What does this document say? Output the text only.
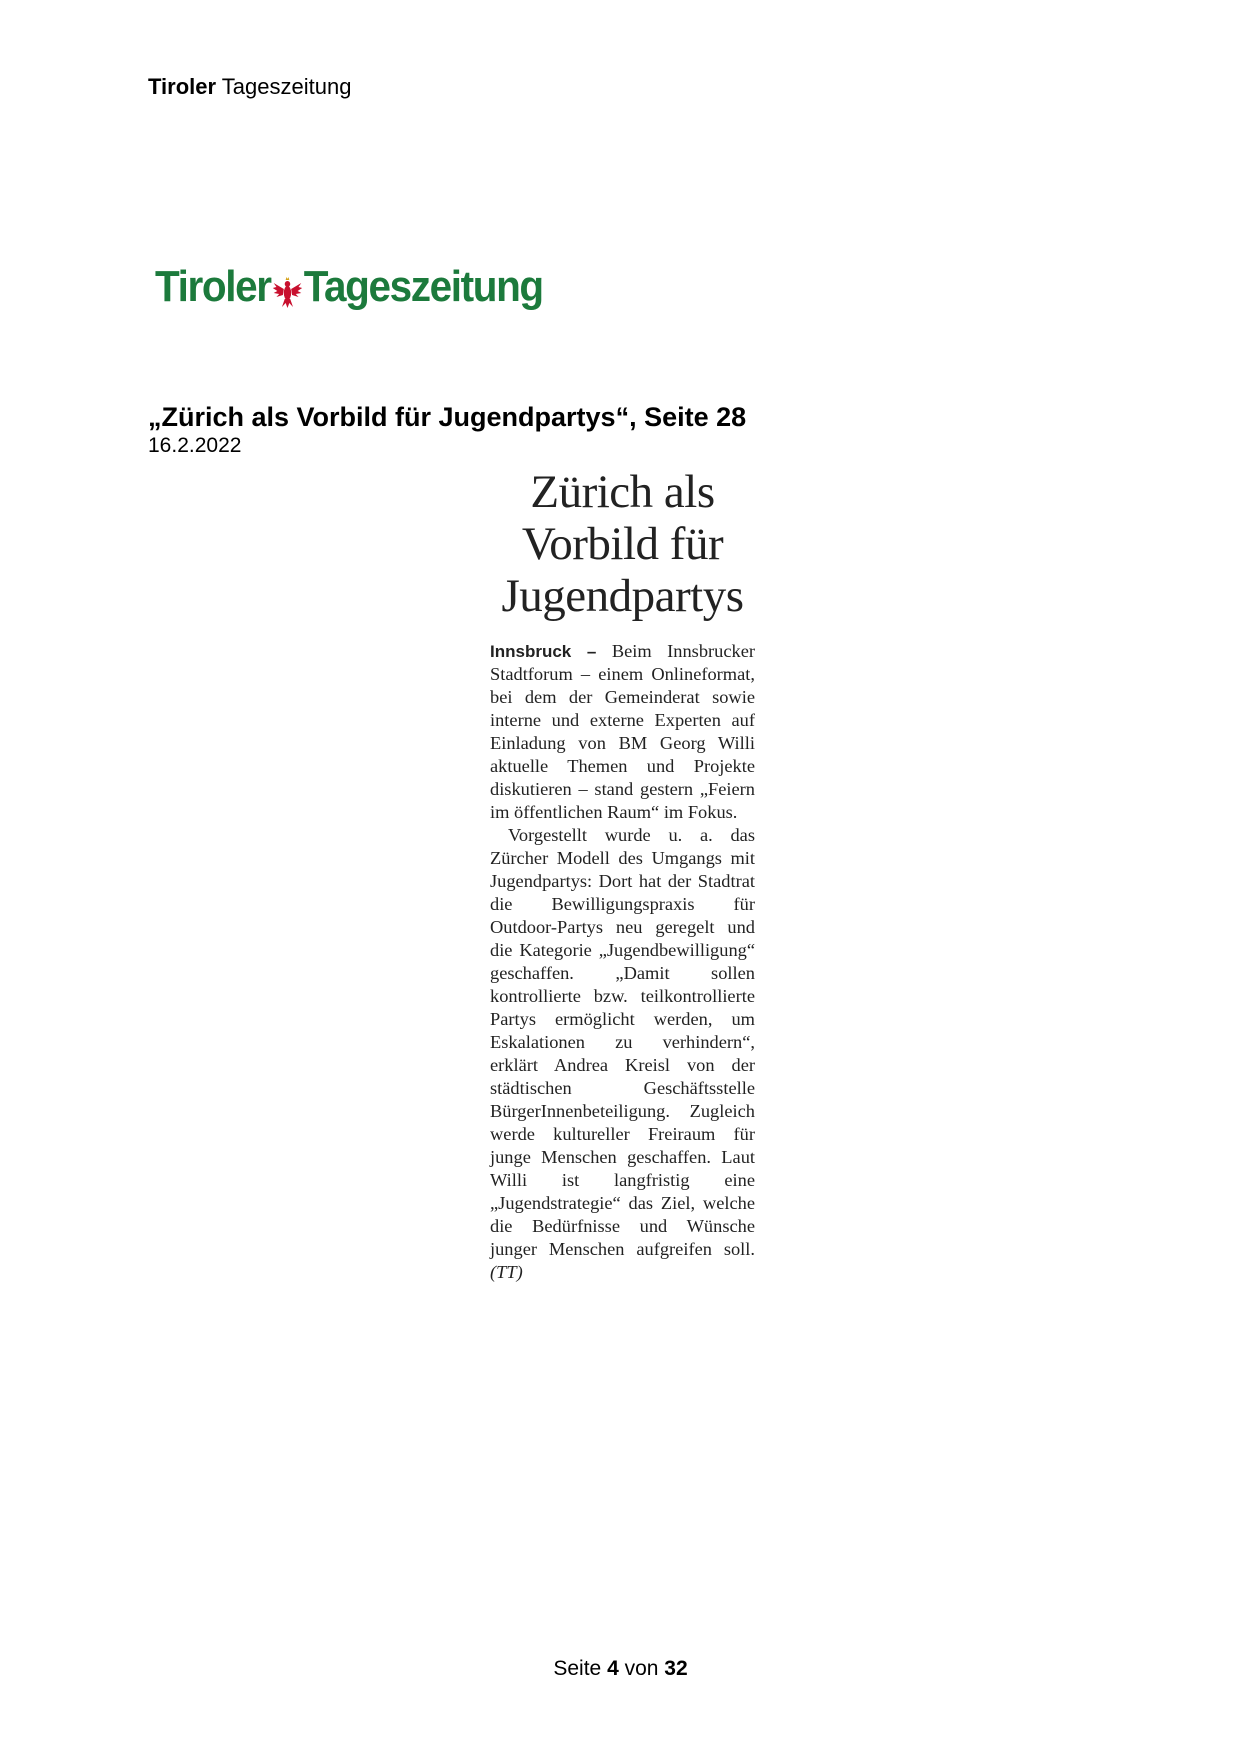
Tiroler Tageszeitung
Tiroler Tageszeitung
„Zürich als Vorbild für Jugendpartys“, Seite 28
16.2.2022
Zürich als
Vorbild für
Jugendpartys

Innsbruck – Beim Innsbrucker Stadtforum – einem Onlineformat, bei dem der Gemeinderat sowie interne und externe Experten auf Einladung von BM Georg Willi aktuelle Themen und Projekte diskutieren – stand gestern „Feiern im öffentlichen Raum“ im Fokus.

Vorgestellt wurde u. a. das Zürcher Modell des Umgangs mit Jugendpartys: Dort hat der Stadtrat die Bewilligungspraxis für Outdoor-Partys neu geregelt und die Kategorie „Jugendbewilligung“ geschaffen. „Damit sollen kontrollierte bzw. teilkontrollierte Partys ermöglicht werden, um Eskalationen zu verhindern“, erklärt Andrea Kreisl von der städtischen Geschäftsstelle BürgerInnenbeteiligung. Zugleich werde kultureller Freiraum für junge Menschen geschaffen. Laut Willi ist langfristig eine „Jugendstrategie“ das Ziel, welche die Bedürfnisse und Wünsche junger Menschen aufgreifen soll. (TT)

Seite 4 von 32
